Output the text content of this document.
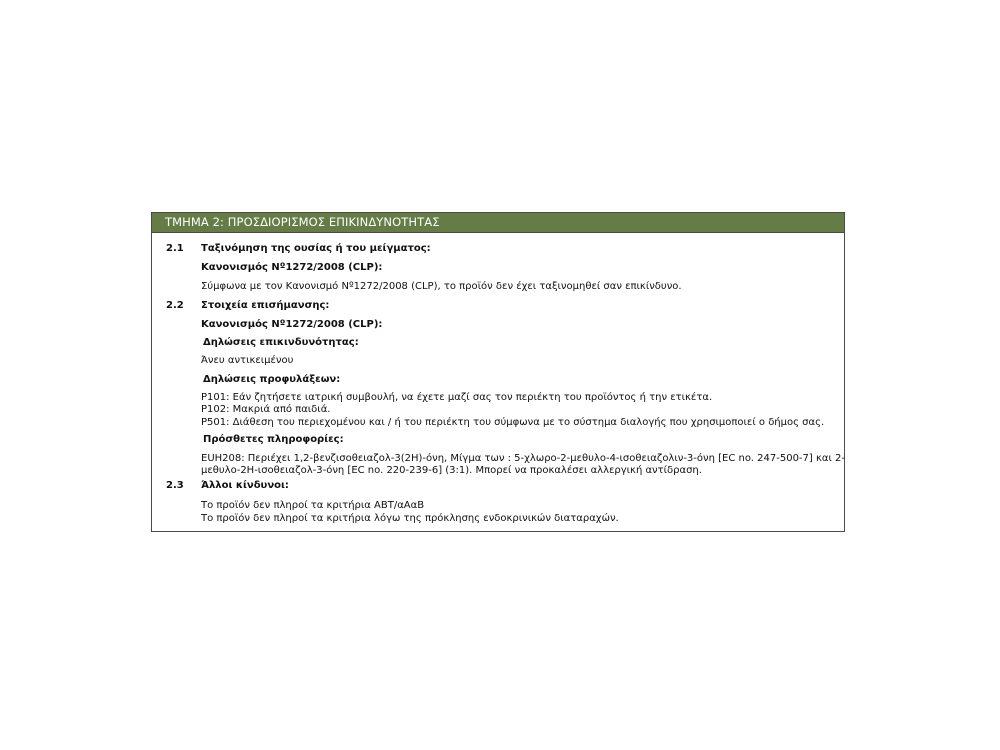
ΤΜΗΜΑ 2: ΠΡΟΣΔΙΟΡΙΣΜΟΣ ΕΠΙΚΙΝΔΥΝΟΤΗΤΑΣ
2.1 Ταξινόμηση της ουσίας ή του μείγματος:
Κανονισμός Nº1272/2008 (CLP):
Σύμφωνα με τον Κανονισμό Nº1272/2008 (CLP), το προϊόν δεν έχει ταξινομηθεί σαν επικίνδυνο.
2.2 Στοιχεία επισήμανσης:
Κανονισμός Nº1272/2008 (CLP):
Δηλώσεις επικινδυνότητας:
Άνευ αντικειμένου
Δηλώσεις προφυλάξεων:
P101: Εάν ζητήσετε ιατρική συμβουλή, να έχετε μαζί σας τον περιέκτη του προϊόντος ή την ετικέτα.
P102: Μακριά από παιδιά.
P501: Διάθεση του περιεχομένου και / ή του περιέκτη του σύμφωνα με το σύστημα διαλογής που χρησιμοποιεί ο δήμος σας.
Πρόσθετες πληροφορίες:
EUH208: Περιέχει 1,2-βενζισοθειαζολ-3(2H)-όνη, Μίγμα των : 5-χλωρο-2-μεθυλο-4-ισοθειαζολιν-3-όνη [EC no. 247-500-7] και 2-
μεθυλο-2H-ισοθειαζολ-3-όνη [EC no. 220-239-6] (3:1). Μπορεί να προκαλέσει αλλεργική αντίδραση.
2.3 Άλλοι κίνδυνοι:
Το προϊόν δεν πληροί τα κριτήρια ΑΒΤ/αΑαΒ
Το προϊόν δεν πληροί τα κριτήρια λόγω της πρόκλησης ενδοκρινικών διαταραχών.
